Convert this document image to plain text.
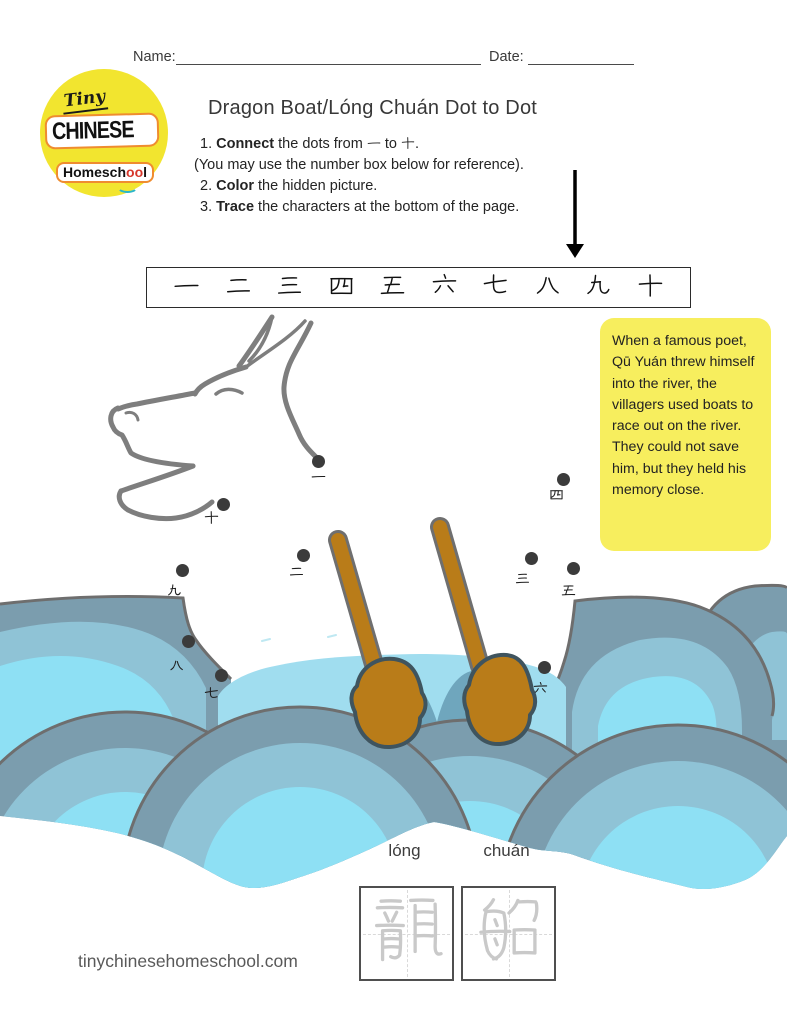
Name:	Date:
Tiny
CHINESE
Homeschool
Dragon Boat/Lóng Chuán Dot to Dot
1. Connect the dots from  to .
(You may use the number box below for reference).
2. Color the hidden picture.
3. Trace the characters at the bottom of the page.
When a famous poet, Qū Yuán threw himself into the river, the villagers used boats to race out on the river. They could not save him, but they held his memory close.
lóng	chuán
tinychinesehomeschool.com
